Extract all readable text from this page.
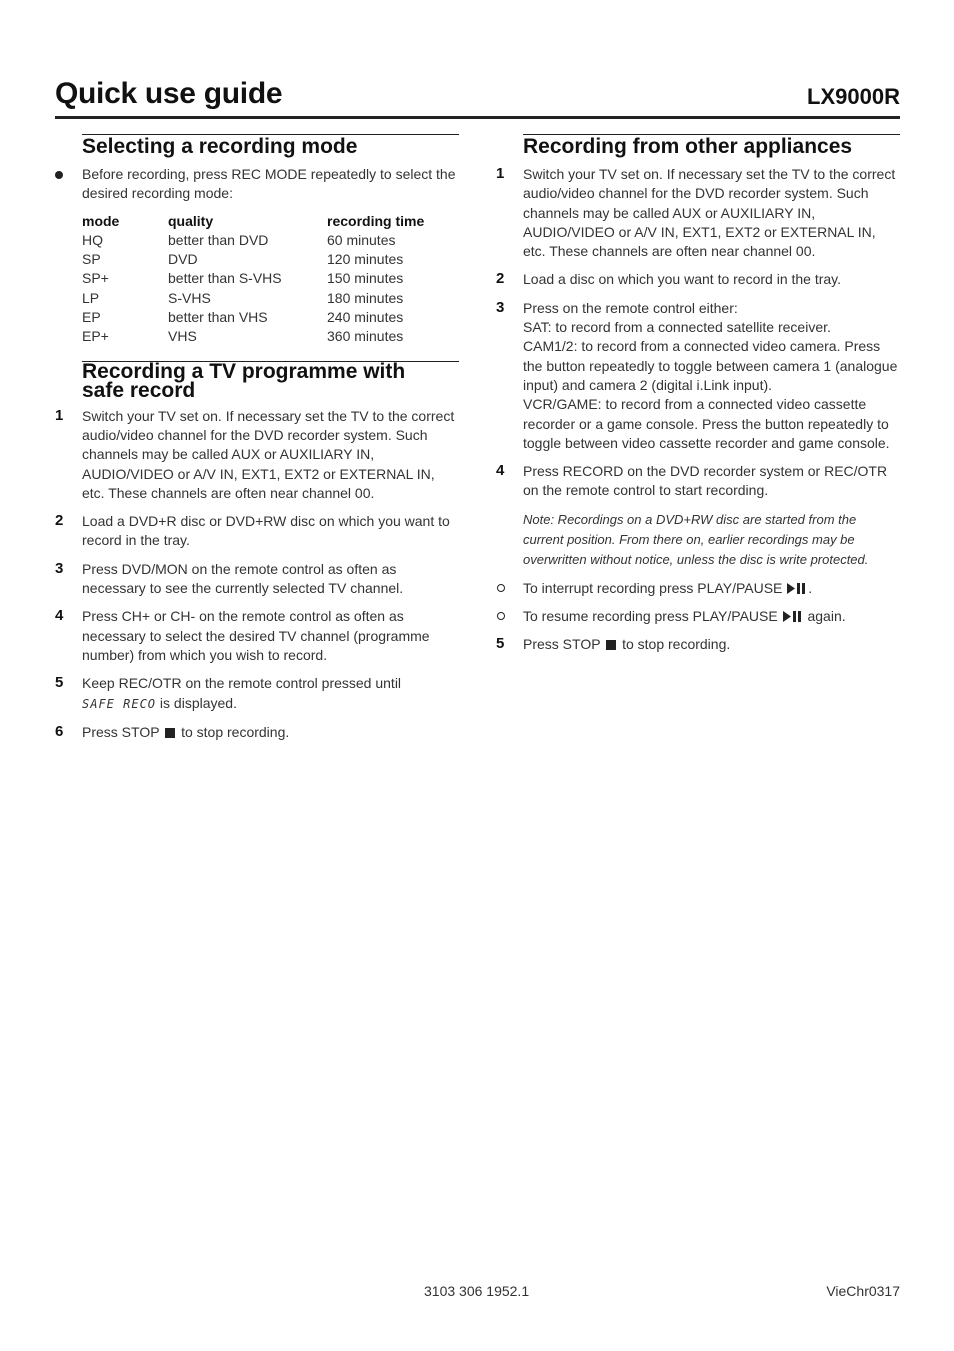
Quick use guide	LX9000R
Selecting a recording mode

Before recording, press REC MODE repeatedly to select the desired recording mode:

mode	quality	recording time
HQ	better than DVD	60 minutes
SP	DVD	120 minutes
SP+	better than S-VHS	150 minutes
LP	S-VHS	180 minutes
EP	better than VHS	240 minutes
EP+	VHS	360 minutes
Recording a TV programme with
safe record

1 Switch your TV set on. If necessary set the TV to the correct audio/video channel for the DVD recorder system. Such channels may be called AUX or AUXILIARY IN, AUDIO/VIDEO or A/V IN, EXT1, EXT2 or EXTERNAL IN, etc. These channels are often near channel 00.

2 Load a DVD+R disc or DVD+RW disc on which you want to record in the tray.

3 Press DVD/MON on the remote control as often as necessary to see the currently selected TV channel.

4 Press CH+ or CH- on the remote control as often as necessary to select the desired TV channel (programme number) from which you wish to record.

5 Keep REC/OTR on the remote control pressed until
SAFE RECO is displayed.

6 Press STOP to stop recording.

Recording from other appliances

1 Switch your TV set on. If necessary set the TV to the correct audio/video channel for the DVD recorder system. Such channels may be called AUX or AUXILIARY IN, AUDIO/VIDEO or A/V IN, EXT1, EXT2 or EXTERNAL IN, etc. These channels are often near channel 00.

2 Load a disc on which you want to record in the tray.

3 Press on the remote control either:
SAT: to record from a connected satellite receiver.
CAM1/2: to record from a connected video camera. Press the button repeatedly to toggle between camera 1 (analogue input) and camera 2 (digital i.Link input).
VCR/GAME: to record from a connected video cassette recorder or a game console. Press the button repeatedly to toggle between video cassette recorder and game console.

4 Press RECORD on the DVD recorder system or REC/OTR on the remote control to start recording.

Note: Recordings on a DVD+RW disc are started from the current position. From there on, earlier recordings may be overwritten without notice, unless the disc is write protected.

To interrupt recording press PLAY/PAUSE .

To resume recording press PLAY/PAUSE again.

5 Press STOP to stop recording.

3103 306 1952.1	VieChr0317
